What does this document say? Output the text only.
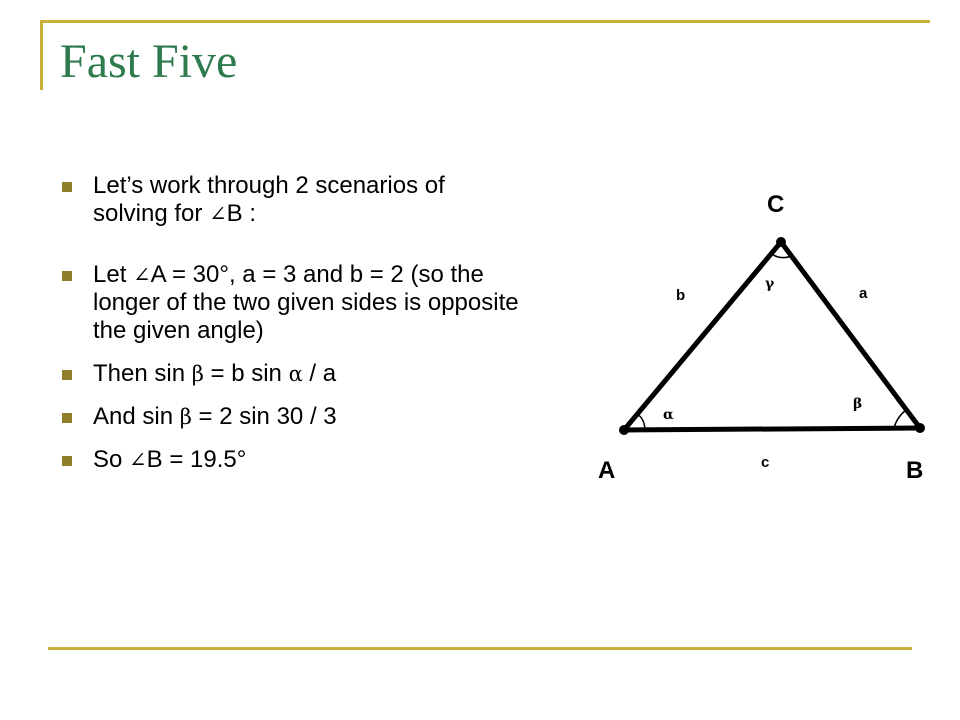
Fast Five
Let’s work through 2 scenarios of solving for ∠B :
Let ∠A = 30°, a = 3 and b = 2 (so the longer of the two given sides is opposite the given angle)
Then sin β = b sin α / a
And sin β = 2 sin 30 / 3
So ∠B = 19.5°
C
A	B
b	a
c
α
β
γ
